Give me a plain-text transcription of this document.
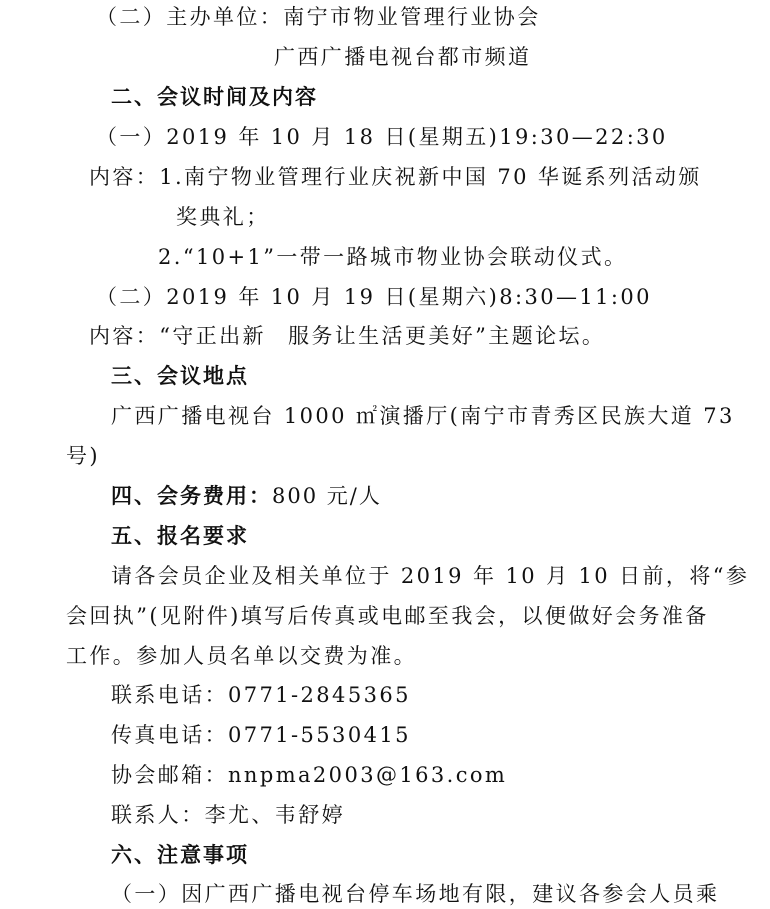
（二）主办单位：南宁市物业管理行业协会
广西广播电视台都市频道
二、会议时间及内容
（一）2019 年 10 月 18 日(星期五)19:30—22:30
内容：1.南宁物业管理行业庆祝新中国 70 华诞系列活动颁
奖典礼；
2.“10+1”一带一路城市物业协会联动仪式。
（二）2019 年 10 月 19 日(星期六)8:30—11:00
内容：“守正出新 服务让生活更美好”主题论坛。
三、会议地点
广西广播电视台 1000 ㎡演播厅(南宁市青秀区民族大道 73
号)
四、会务费用：800 元/人
五、报名要求
请各会员企业及相关单位于 2019 年 10 月 10 日前，将“参
会回执”(见附件)填写后传真或电邮至我会，以便做好会务准备
工作。参加人员名单以交费为准。
联系电话：0771-2845365
传真电话：0771-5530415
协会邮箱：nnpma2003@163.com
联系人：李尤、韦舒婷
六、注意事项
（一）因广西广播电视台停车场地有限，建议各参会人员乘
